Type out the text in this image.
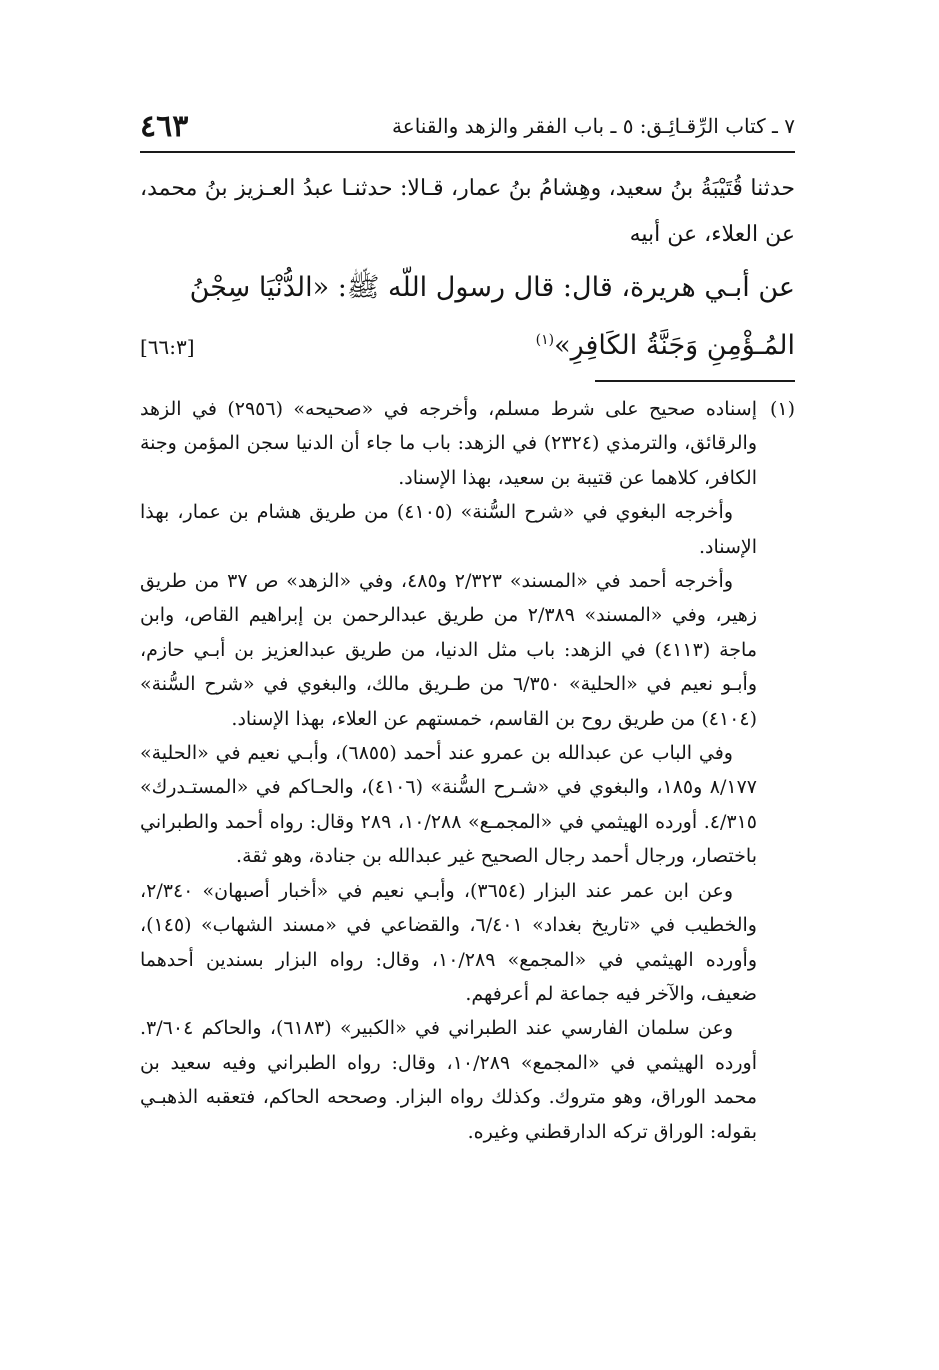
٧ ـ كتاب الرِّقـائِـق: ٥ ـ باب الفقر والزهد والقناعة
٤٦٣

حدثنا قُتَيْبَةُ بنُ سعيد، وهِشامُ بنُ عمار، قـالا: حدثنـا عبدُ العـزيز بنُ محمد، عن العلاء، عن أبيه

عن أبـي هريرة، قال: قال رسول اللّه ﷺ: «الدُّنْيَا سِجْنُ

المُـؤْمِنِ وَجَنَّةُ الكَافِرِ»$^{(١)}$
[٦٦:٣]

(١)

إسناده صحيح على شرط مسلم، وأخرجه في «صحيحه» (٢٩٥٦) في الزهد والرقائق، والترمذي (٢٣٢٤) في الزهد: باب ما جاء أن الدنيا سجن المؤمن وجنة الكافر، كلاهما عن قتيبة بن سعيد، بهذا الإسناد.

وأخرجه البغوي في «شرح السُّنة» (٤١٠٥) من طريق هشام بن عمار، بهذا الإسناد.

وأخرجه أحمد في «المسند» ٢/٣٢٣ و٤٨٥، وفي «الزهد» ص ٣٧ من طريق زهير، وفي «المسند» ٢/٣٨٩ من طريق عبدالرحمن بن إبراهيم القاص، وابن ماجة (٤١١٣) في الزهد: باب مثل الدنيا، من طريق عبدالعزيز بن أبـي حازم، وأبـو نعيم في «الحلية» ٦/٣٥٠ من طـريق مالك، والبغوي في «شرح السُّنة» (٤١٠٤) من طريق روح بن القاسم، خمستهم عن العلاء، بهذا الإسناد.

وفي الباب عن عبدالله بن عمرو عند أحمد (٦٨٥٥)، وأبـي نعيم في «الحلية» ٨/١٧٧ و١٨٥، والبغوي في «شـرح السُّنة» (٤١٠٦)، والحـاكم في «المستـدرك» ٤/٣١٥. أورده الهيثمي في «المجمـع» ١٠/٢٨٨، ٢٨٩ وقال: رواه أحمد والطبراني باختصار، ورجال أحمد رجال الصحيح غير عبدالله بن جنادة، وهو ثقة.

وعن ابن عمر عند البزار (٣٦٥٤)، وأبـي نعيم في «أخبار أصبهان» ٢/٣٤٠، والخطيب في «تاريخ بغداد» ٦/٤٠١، والقضاعي في «مسند الشهاب» (١٤٥)، وأورده الهيثمي في «المجمع» ١٠/٢٨٩، وقال: رواه البزار بسندين أحدهما ضعيف، والآخر فيه جماعة لم أعرفهم.

وعن سلمان الفارسي عند الطبراني في «الكبير» (٦١٨٣)، والحاكم ٣/٦٠٤. أورده الهيثمي في «المجمع» ١٠/٢٨٩، وقال: رواه الطبراني وفيه سعيد بن محمد الوراق، وهو متروك. وكذلك رواه البزار. وصححه الحاكم، فتعقبه الذهبـي بقوله: الوراق تركه الدارقطني وغيره.
